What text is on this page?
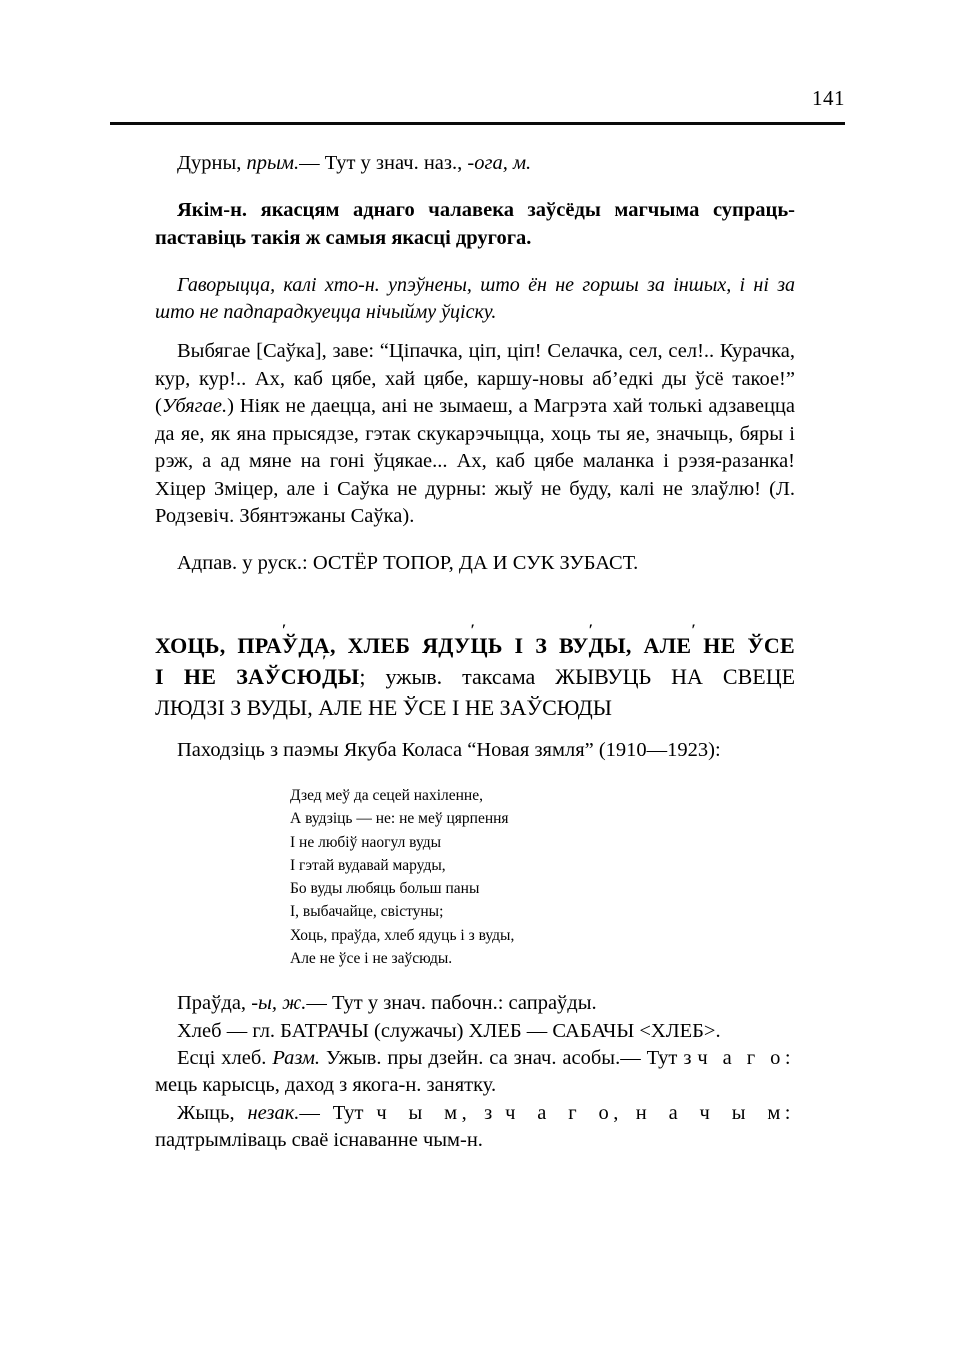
141

Дурны, прым.— Тут у знач. наз., -ога, м.

Якім-н. якасцям аднаго чалавека заўсёды магчыма супраць-паставіць такія ж самыя якасці другога.

Гаворыцца, калі хто-н. упэўнены, што ён не горшы за іншых, і ні за што не падпарадкуецца нічыйму ўціску.

Выбягае [Саўка], заве: “Ціпачка, ціп, ціп! Селачка, сел, сел!.. Курачка, кур, кур!.. Ах, каб цябе, хай цябе, каршу-новы аб’едкі ды ўсё такое!” (Убягае.) Ніяк не даецца, ані не зымаеш, а Магрэта хай толькі адзавецца да яе, як яна прысядзе, гэтак скукарэчыцца, хоць ты яе, значыць, бяры і рэж, а ад мяне на гоні ўцякае... Ах, каб цябе маланка і рэзя-разанка! Хіцер Зміцер, але і Саўка не дурны: жыў не буду, калі не злаўлю! (Л. Родзевіч. Збянтэжаны Саўка).

Адпав. у руск.: ОСТЁР ТОПОР, ДА И СУК ЗУБАСТ.

ХОЦЬ, ПРАЎДА, ХЛЕБ ЯДУЦЬ І З ВУДЫ, АЛЕ НЕ ЎСЕ
І НЕ ЗАЎСЮДЫ; ужыв. таксама ЖЫВУЦЬ НА СВЕЦЕ
ЛЮДЗІ З ВУДЫ, АЛЕ НЕ ЎСЕ І НЕ ЗАЎСЮДЫ

Паходзіць з паэмы Якуба Коласа “Новая зямля” (1910—1923):

Дзед меў да сецей нахіленне,
А вудзіць — не: не меў цярпення
І не любіў наогул вуды
І гэтай вудавай маруды,
Бо вуды любяць больш паны
І, выбачайце, свістуны;
Хоць, праўда, хлеб ядуць і з вуды,
Але не ўсе і не заўсюды.

Праўда, -ы, ж.— Тут у знач. пабочн.: сапраўды.

Хлеб — гл. БАТРАЧЫ (служачы) ХЛЕБ — САБАЧЫ <ХЛЕБ>.

Есці хлеб. Разм. Ужыв. пры дзейн. са знач. асобы.— Тут з ч а г о: мець карысць, даход з якога-н. занятку.

Жыць, незак.— Тут ч ы м, з ч а г о, н а ч ы м: падтрымліваць сваё існаванне чым-н.
